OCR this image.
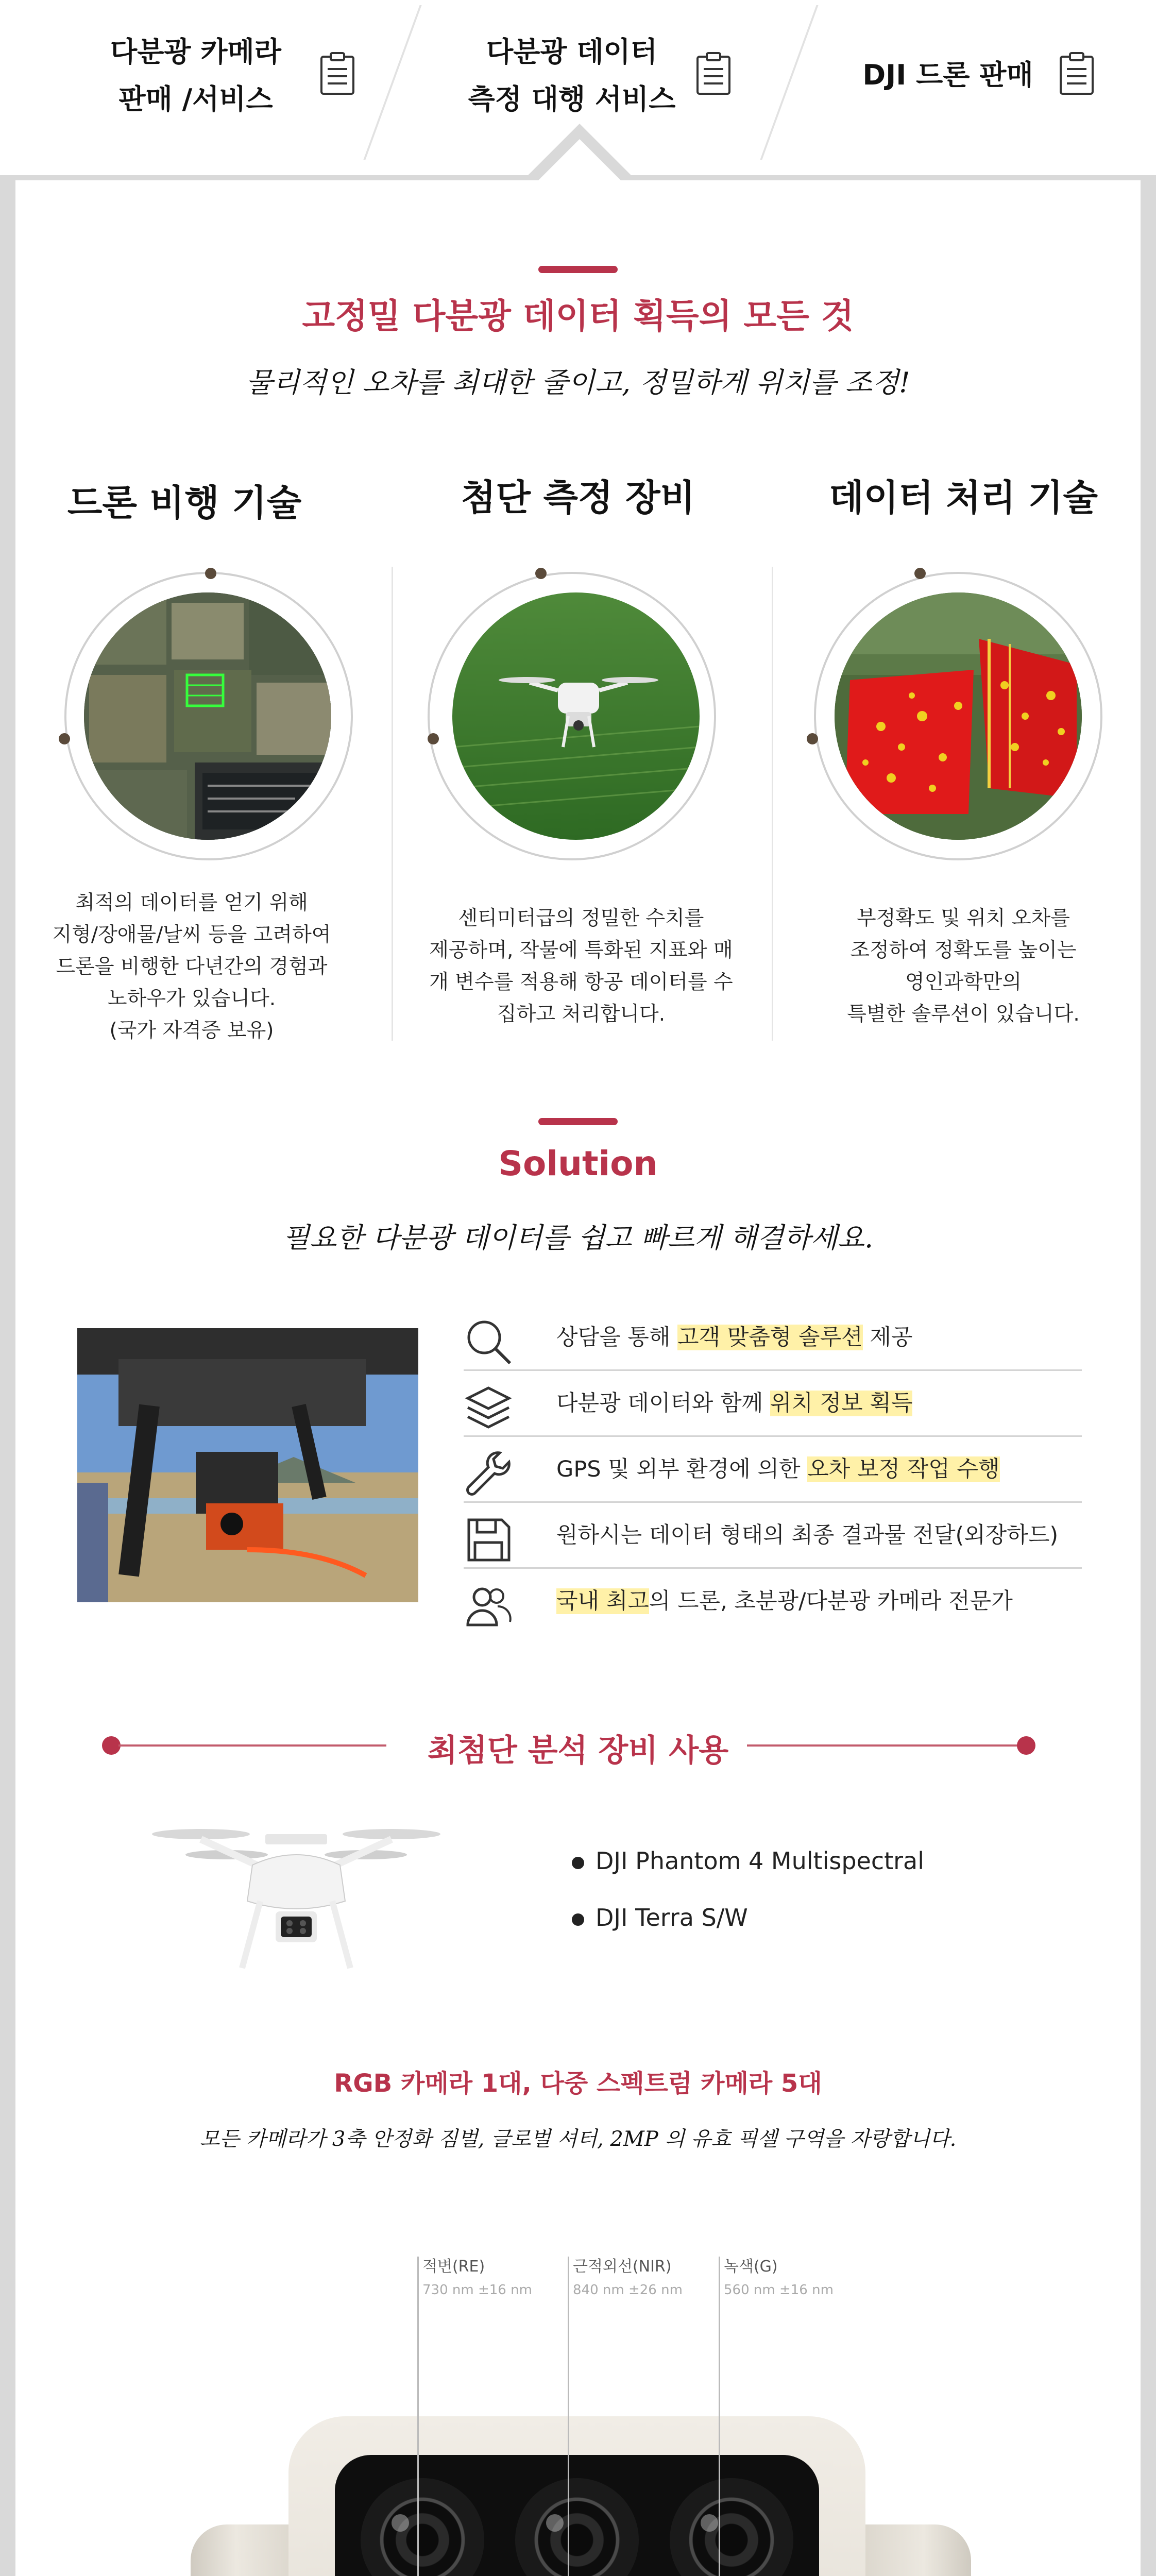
다분광 카메라
판매 /서비스
다분광 데이터
측정 대행 서비스
DJI 드론 판매
고정밀 다분광 데이터 획득의 모든 것
물리적인 오차를 최대한 줄이고, 정밀하게 위치를 조정!
드론 비행 기술	첨단 측정 장비	데이터 처리 기술
최적의 데이터를 얻기 위해
지형/장애물/날씨 등을 고려하여
드론을 비행한 다년간의 경험과
노하우가 있습니다.
(국가 자격증 보유)
센티미터급의 정밀한 수치를
제공하며, 작물에 특화된 지표와 매
개 변수를 적용해 항공 데이터를 수
집하고 처리합니다.
부정확도 및 위치 오차를
조정하여 정확도를 높이는
영인과학만의
특별한 솔루션이 있습니다.
Solution
필요한 다분광 데이터를 쉽고 빠르게 해결하세요.
상담을 통해 고객 맞춤형 솔루션 제공
다분광 데이터와 함께 위치 정보 획득
GPS 및 외부 환경에 의한 오차 보정 작업 수행
원하시는 데이터 형태의 최종 결과물 전달(외장하드)
국내 최고의 드론, 초분광/다분광 카메라 전문가
최첨단 분석 장비 사용
DJI Phantom 4 Multispectral
DJI Terra S/W
RGB 카메라 1대, 다중 스펙트럼 카메라 5대
모든 카메라가 3축 안정화 짐벌, 글로벌 셔터, 2MP 의 유효 픽셀 구역을 자랑합니다.
적변(RE)
730 nm ±16 nm
근적외선(NIR)
840 nm ±26 nm
녹색(G)
560 nm ±16 nm
